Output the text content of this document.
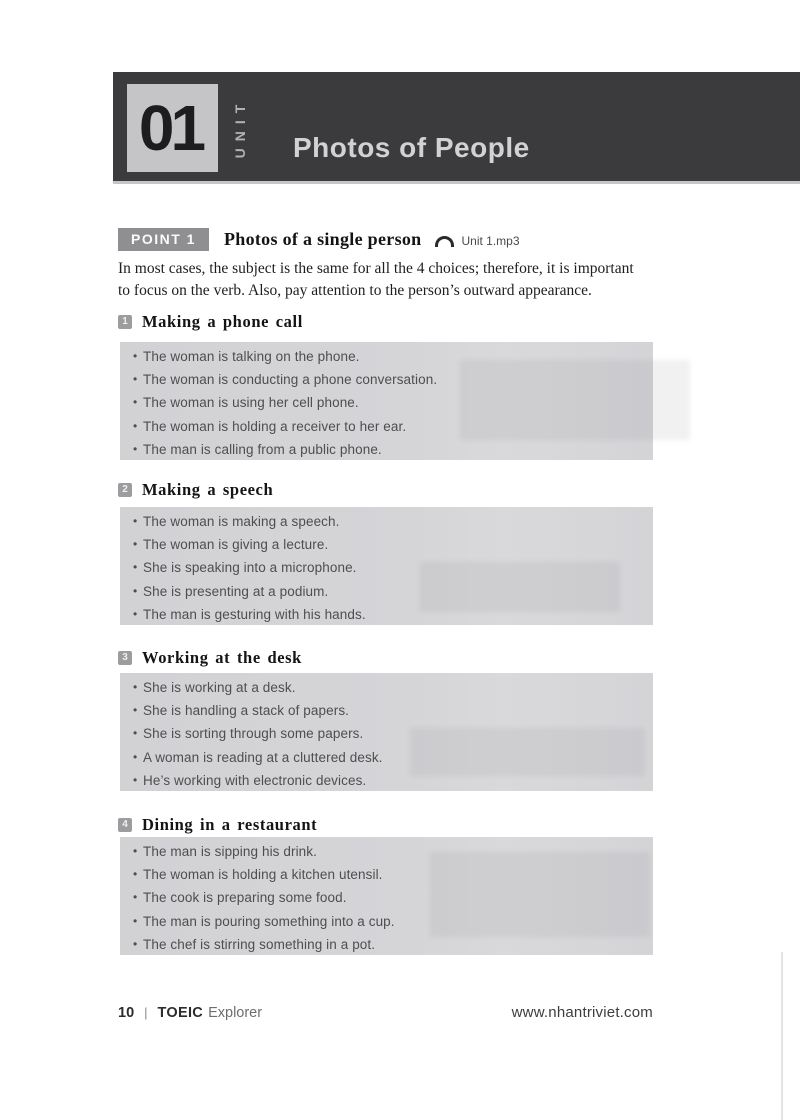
01 UNIT Photos of People
POINT 1	Photos of a single person	Unit 1.mp3
In most cases, the subject is the same for all the 4 choices; therefore, it is important
to focus on the verb. Also, pay attention to the person’s outward appearance.
1 Making a phone call
• The woman is talking on the phone.
• The woman is conducting a phone conversation.
• The woman is using her cell phone.
• The woman is holding a receiver to her ear.
• The man is calling from a public phone.
2 Making a speech
• The woman is making a speech.
• The woman is giving a lecture.
• She is speaking into a microphone.
• She is presenting at a podium.
• The man is gesturing with his hands.
3 Working at the desk
• She is working at a desk.
• She is handling a stack of papers.
• She is sorting through some papers.
• A woman is reading at a cluttered desk.
• He’s working with electronic devices.
4 Dining in a restaurant
• The man is sipping his drink.
• The woman is holding a kitchen utensil.
• The cook is preparing some food.
• The man is pouring something into a cup.
• The chef is stirring something in a pot.
10 | TOEIC Explorer	www.nhantriviet.com
